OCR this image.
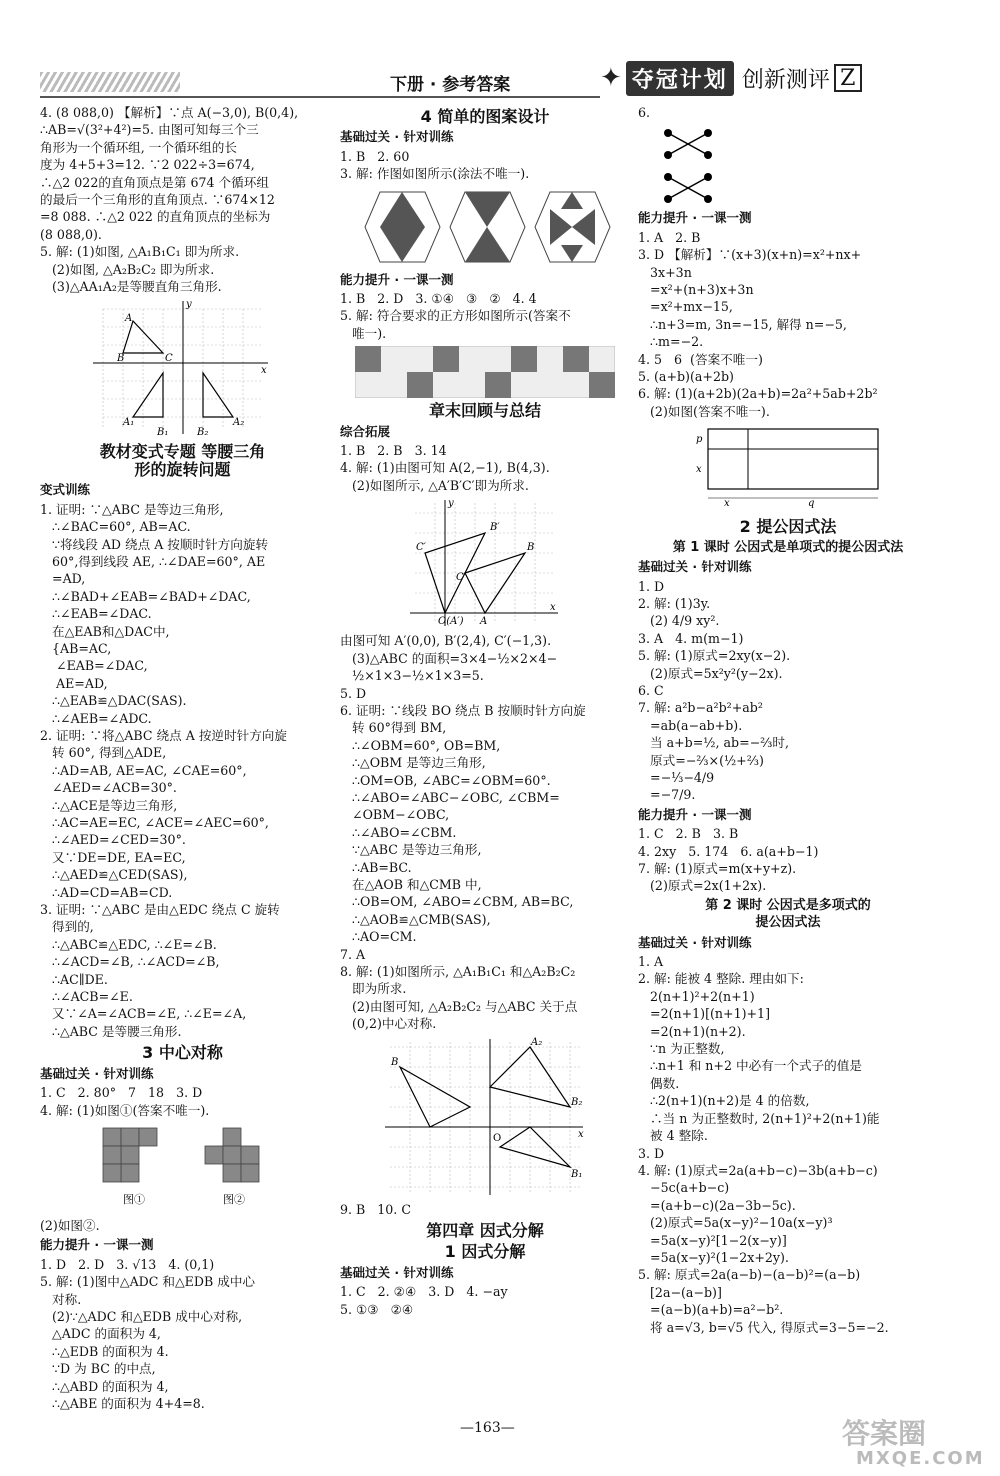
下册 · 参考答案	✦ 夺冠计划 创新测评 Z

4. (8 088,0) 【解析】∵点 A(−3,0), B(0,4),
∴AB=√(3²+4²)=5. 由图可知每三个三
角形为一个循环组, 一个循环组的长
度为 4+5+3=12. ∵2 022÷3=674,
∴△2 022的直角顶点是第 674 个循环组
的最后一个三角形的直角顶点. ∵674×12
=8 088. ∴△2 022 的直角顶点的坐标为
(8 088,0).

5. 解: (1)如图, △A₁B₁C₁ 即为所求.
(2)如图, △A₂B₂C₂ 即为所求.
(3)△AA₁A₂是等腰直角三角形.

A
B	C
y
x
A₁
B₁	B₂
A₂
教材变式专题 等腰三角
形的旋转问题
变式训练

1. 证明: ∵△ABC 是等边三角形,
∴∠BAC=60°, AB=AC.
∵将线段 AD 绕点 A 按顺时针方向旋转
60°,得到线段 AE, ∴∠DAE=60°, AE
=AD,
∴∠BAD+∠EAB=∠BAD+∠DAC,
∴∠EAB=∠DAC.
在△EAB和△DAC中,
{AB=AC,
∠EAB=∠DAC,
AE=AD,
∴△EAB≌△DAC(SAS).
∴∠AEB=∠ADC.

2. 证明: ∵将△ABC 绕点 A 按逆时针方向旋
转 60°, 得到△ADE,
∴AD=AB, AE=AC, ∠CAE=60°,
∠AED=∠ACB=30°.
∴△ACE是等边三角形,
∴AC=AE=EC, ∠ACE=∠AEC=60°,
∴∠AED=∠CED=30°.
又∵DE=DE, EA=EC,
∴△AED≌△CED(SAS),
∴AD=CD=AB=CD.

3. 证明: ∵△ABC 是由△EDC 绕点 C 旋转
得到的,
∴△ABC≌△EDC, ∴∠E=∠B.
∴∠ACD=∠B, ∴∠ACD=∠B,
∴AC∥DE.
∴∠ACB=∠E.
又∵∠A=∠ACB=∠E, ∴∠E=∠A,
∴△ABC 是等腰三角形.

3 中心对称
基础过关 · 针对训练

1. C   2. 80°   7   18   3. D

4. 解: (1)如图①(答案不唯一).

图①	图②

(2)如图②.

能力提升 · 一课一测

1. D   2. D   3. √13   4. (0,1)

5. 解: (1)图中△ADC 和△EDB 成中心
对称.
(2)∵△ADC 和△EDB 成中心对称,
△ADC 的面积为 4,
∴△EDB 的面积为 4.
∵D 为 BC 的中点,
∴△ABD 的面积为 4,
∴△ABE 的面积为 4+4=8.

4 简单的图案设计
基础过关 · 针对训练

1. B   2. 60

3. 解: 作图如图所示(涂法不唯一).

能力提升 · 一课一测

1. B   2. D   3. ①④   ③   ②   4. 4

5. 解: 符合要求的正方形如图所示(答案不
唯一).

章末回顾与总结
综合拓展

1. B   2. B   3. 14

4. 解: (1)由图可知 A(2,−1), B(4,3).
(2)如图所示, △A′B′C′即为所求.

B′
B
C′
C
O(A′) A
y
x

由图可知 A′(0,0), B′(2,4), C′(−1,3).
(3)△ABC 的面积=3×4−½×2×4−
½×1×3−½×1×3=5.

5. D

6. 证明: ∵线段 BO 绕点 B 按顺时针方向旋
转 60°得到 BM,
∴∠OBM=60°, OB=BM,
∴△OBM 是等边三角形,
∴OM=OB, ∠ABC=∠OBM=60°.
∴∠ABO=∠ABC−∠OBC, ∠CBM=
∠OBM−∠OBC,
∴∠ABO=∠CBM.
∵△ABC 是等边三角形,
∴AB=BC.
在△AOB 和△CMB 中,
∴OB=OM, ∠ABO=∠CBM, AB=BC,
∴△AOB≌△CMB(SAS),
∴AO=CM.

7. A

8. 解: (1)如图所示, △A₁B₁C₁ 和△A₂B₂C₂
即为所求.
(2)由图可知, △A₂B₂C₂ 与△ABC 关于点
(0,2)中心对称.

B
A₂
B₂
B₁
O	x

9. B   10. C

第四章 因式分解
1 因式分解
基础过关 · 针对训练

1. C   2. ②④   3. D   4. −ay

5. ①③   ②④

6.

能力提升 · 一课一测

1. A   2. B

3. D 【解析】∵(x+3)(x+n)=x²+nx+
3x+3n
=x²+(n+3)x+3n
=x²+mx−15,
∴n+3=m, 3n=−15, 解得 n=−5,
∴m=−2.

4. 5   6  (答案不唯一)

5. (a+b)(a+2b)

6. 解: (1)(a+2b)(2a+b)=2a²+5ab+2b²
(2)如图(答案不唯一).

p
x
x	q
2 提公因式法
第 1 课时 公因式是单项式的提公因式法
基础过关 · 针对训练

1. D

2. 解: (1)3y.
(2) 4/9 xy².

3. A   4. m(m−1)

5. 解: (1)原式=2xy(x−2).
(2)原式=5x²y²(y−2x).

6. C

7. 解: a²b−a²b²+ab²
=ab(a−ab+b).
当 a+b=½, ab=−⅔时,
原式=−⅔×(½+⅔)
=−⅓−4/9
=−7/9.

能力提升 · 一课一测

1. C   2. B   3. B

4. 2xy   5. 174   6. a(a+b−1)

7. 解: (1)原式=m(x+y+z).
(2)原式=2x(1+2x).

第 2 课时 公因式是多项式的
提公因式法
基础过关 · 针对训练

1. A

2. 解: 能被 4 整除. 理由如下:
2(n+1)²+2(n+1)
=2(n+1)[(n+1)+1]
=2(n+1)(n+2).
∵n 为正整数,
∴n+1 和 n+2 中必有一个式子的值是
偶数.
∴2(n+1)(n+2)是 4 的倍数,
∴当 n 为正整数时, 2(n+1)²+2(n+1)能
被 4 整除.

3. D

4. 解: (1)原式=2a(a+b−c)−3b(a+b−c)
−5c(a+b−c)
=(a+b−c)(2a−3b−5c).
(2)原式=5a(x−y)²−10a(x−y)³
=5a(x−y)²[1−2(x−y)]
=5a(x−y)²(1−2x+2y).

5. 解: 原式=2a(a−b)−(a−b)²=(a−b)
[2a−(a−b)]
=(a−b)(a+b)=a²−b².
将 a=√3, b=√5 代入, 得原式=3−5=−2.

—163—	答案圈
MXQE.COM
